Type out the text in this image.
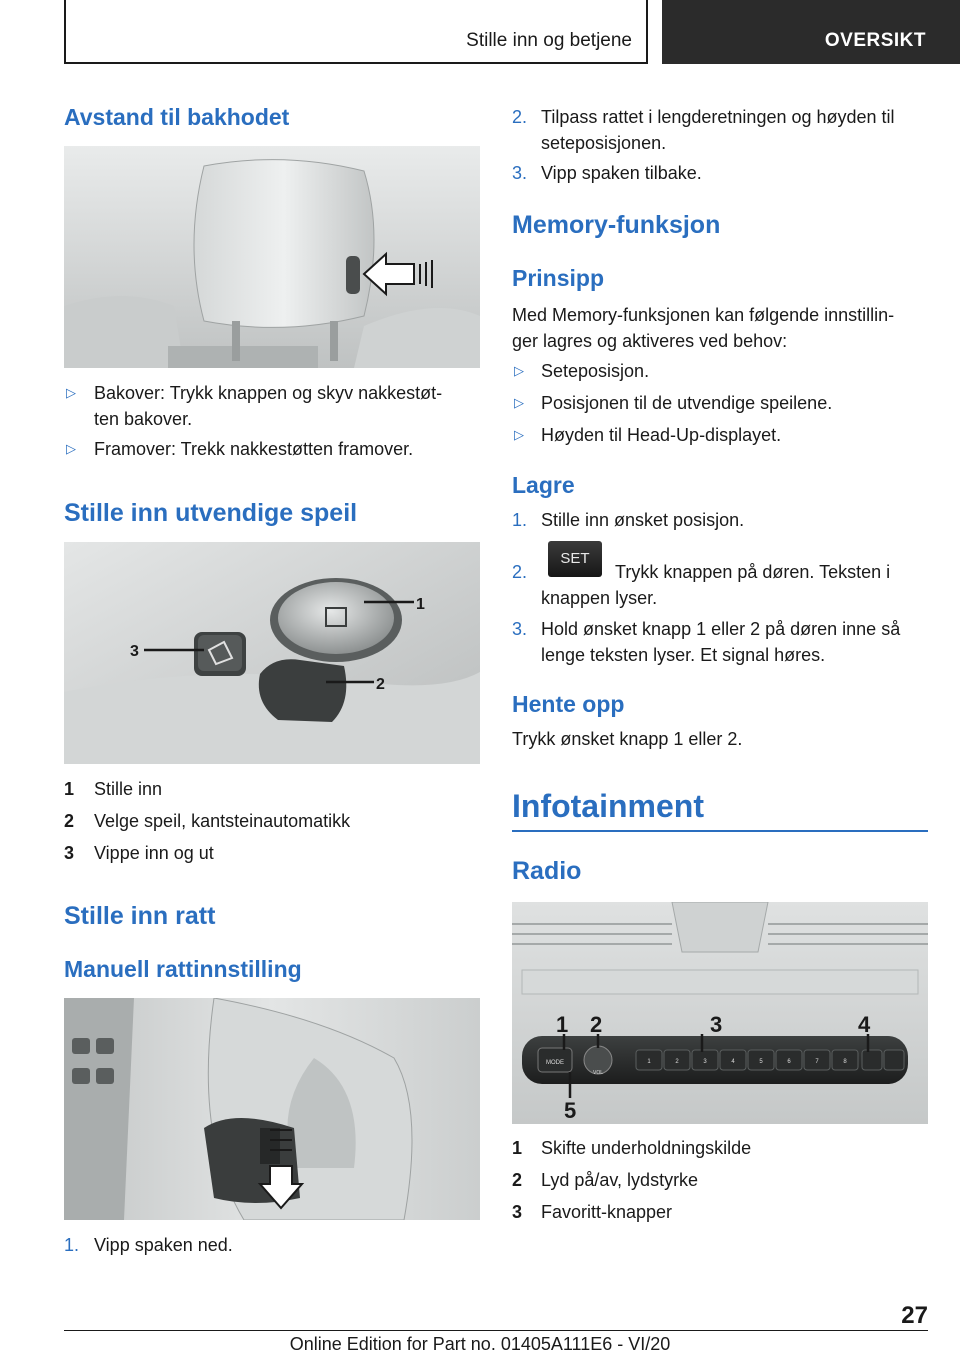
Stille inn og betjene	OVERSIKT
Avstand til bakhodet
▷ Bakover: Trykk knappen og skyv nakkestøt‐
ten bakover.
▷ Framover: Trekk nakkestøtten framover.
Stille inn utvendige speil
1
2
3
1 Stille inn
2 Velge speil, kantsteinautomatikk
3 Vippe inn og ut
Stille inn ratt
Manuell rattinnstilling
1. Vipp spaken ned.
2. Tilpass rattet i lengderetningen og høyden til
seteposisjonen.
3. Vipp spaken tilbake.
Memory-funksjon
Prinsipp
Med Memory-funksjonen kan følgende innstillin‐
ger lagres og aktiveres ved behov:
▷ Seteposisjon.
▷ Posisjonen til de utvendige speilene.
▷ Høyden til Head-Up-displayet.
Lagre
1. Stille inn ønsket posisjon.
2.
SET
Trykk knappen på døren. Teksten i
knappen lyser.
3. Hold ønsket knapp 1 eller 2 på døren inne så
lenge teksten lyser. Et signal høres.
Hente opp
Trykk ønsket knapp 1 eller 2.
Infotainment
Radio
MODE
VOL
1	2	3	4	5	6	7	8
1 2	3	4
5
1 Skifte underholdningskilde
2 Lyd på/av, lydstyrke
3 Favoritt-knapper
27
Online Edition for Part no. 01405A111E6 - VI/20
